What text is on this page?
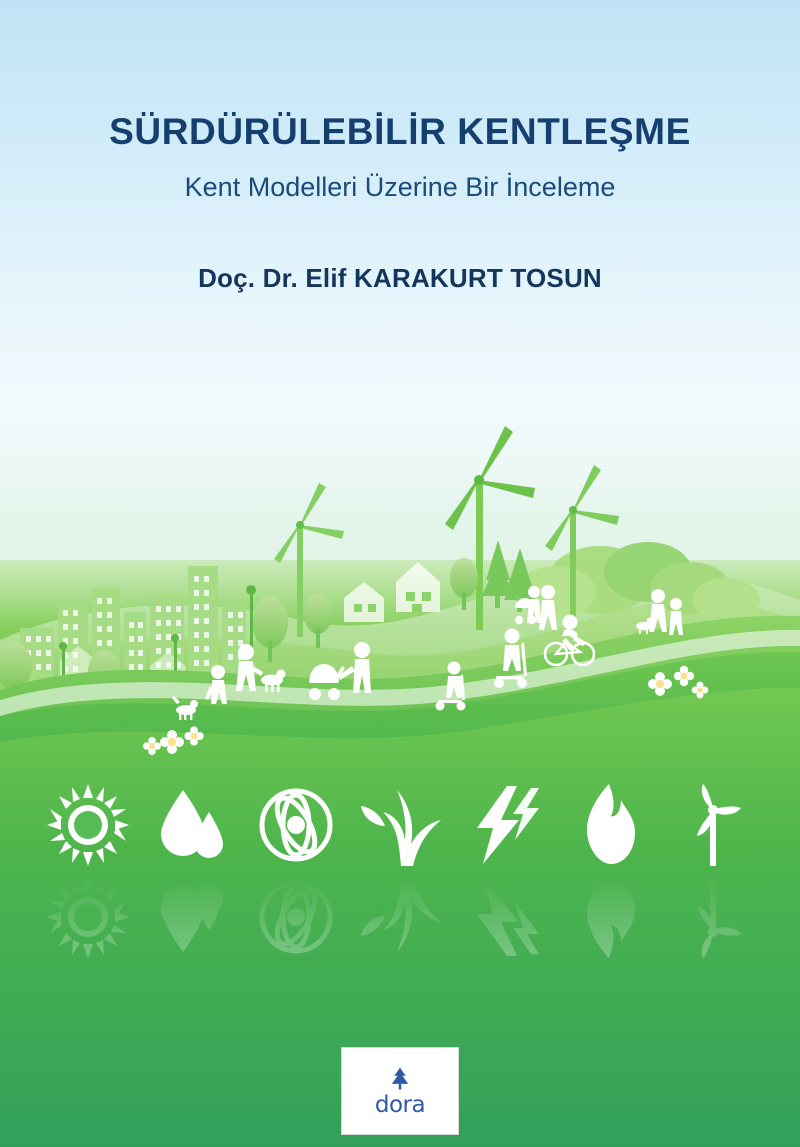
SÜRDÜRÜLEBİLİR KENTLEŞME
Kent Modelleri Üzerine Bir İnceleme

Doç. Dr. Elif KARAKURT TOSUN

dora
